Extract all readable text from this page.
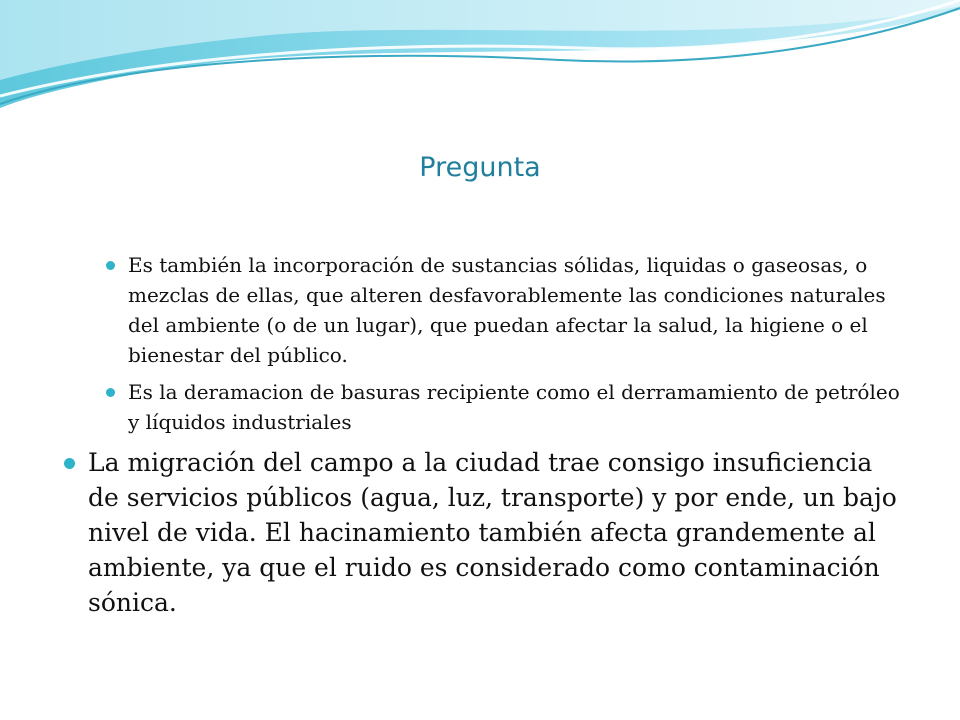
Pregunta
Es también la incorporación de sustancias sólidas, liquidas o gaseosas, o mezclas de ellas, que alteren desfavorablemente las condiciones naturales del ambiente (o de un lugar), que puedan afectar la salud, la higiene o el bienestar del público.
Es la deramacion de basuras recipiente como el derramamiento de petróleo y líquidos industriales
La migración del campo a la ciudad trae consigo insuficiencia de servicios públicos (agua, luz, transporte) y por ende, un bajo nivel de vida. El hacinamiento también afecta grandemente al ambiente, ya que el ruido es considerado como contaminación sónica.
